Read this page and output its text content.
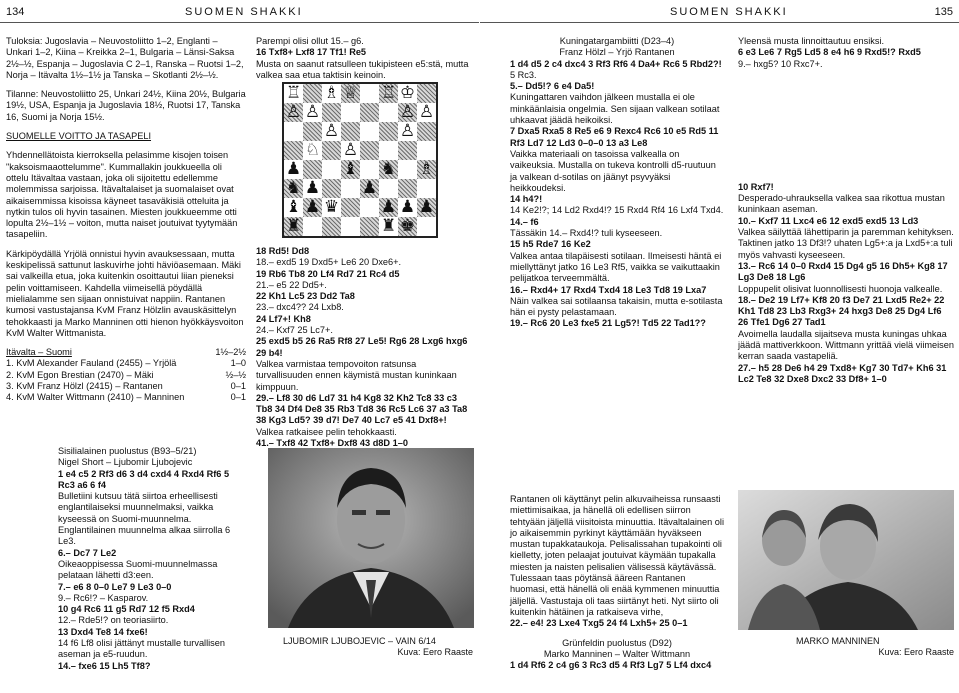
134	SUOMEN SHAKKI

Tuloksia: Jugoslavia – Neuvostoliitto 1–2, Englanti – Unkari 1–2, Kiina – Kreikka 2–1, Bulgaria – Länsi-Saksa 2½–½, Espanja – Jugoslavia C 2–1, Ranska – Ruotsi 1–2, Norja – Itävalta 1½–1½ ja Tanska – Skotlanti 2½–½.

Tilanne: Neuvostoliitto 25, Unkari 24½, Kiina 20½, Bulgaria 19½, USA, Espanja ja Jugoslavia 18½, Ruotsi 17, Tanska 16, Suomi ja Norja 15½.

SUOMELLE VOITTO JA TASAPELI

Yhdennellätoista kierroksella pelasimme kisojen toisen "kaksoismaaottelumme". Kummallakin joukkueella oli ottelu Itävaltaa vastaan, joka oli sijoitettu edellemme molemmissa sarjoissa. Itävaltalaiset ja suomalaiset ovat aikaisemmissa kisoissa käyneet tasaväkisiä otteluita ja nytkin tulos oli hyvin tasainen. Miesten joukkueemme otti lopulta 2½–1½ – voiton, mutta naiset joutuivat tyytymään tasapeliin.

Kärkipöydällä Yrjölä onnistui hyvin avauksessaan, mutta keskipelissä sattunut laskuvirhe johti häviöasemaan. Mäki sai valkeilla etua, joka kuitenkin osoittautui liian pieneksi pelin voittamiseen. Kahdella viimeisellä pöydällä mielialamme sen sijaan onnistuivat nappiin. Rantanen kumosi vastustajansa KvM Franz Hölzlin avauskäsittelyn tehokkaasti ja Marko Manninen otti hienon hyökkäysvoiton KvM Walter Wittmanista.

Itävalta – Suomi	1½–2½
1. KvM Alexander Fauland (2455) – Yrjölä	1–0
2. KvM Egon Brestian (2470) – Mäki	½–½
3. KvM Franz Hölzl (2415) – Rantanen	0–1
4. KvM Walter Wittmann (2410) – Manninen	0–1

Parempi olisi ollut 15.– g6.

16 Txf8+ Lxf8 17 Tf1! Re5

Musta on saanut ratsulleen tukipisteen e5:stä, mutta valkea saa etua taktisin keinoin.

♖ ♗ ♕ ♖ ♔
♙ ♙	♙ ♙
♙	♙
♘ ♙
♟ ♝ ♞ ♗
♞ ♟ ♟
♝ ♟ ♛ ♟ ♟ ♟
♜	♜ ♚

18 Rd5! Dd8

18.– exd5 19 Dxd5+ Le6 20 Dxe6+.

19 Rb6 Tb8 20 Lf4 Rd7 21 Rc4 d5

21.– e5 22 Dd5+.

22 Kh1 Lc5 23 Dd2 Ta8

23.– dxc4?? 24 Lxb8.

24 Lf7+! Kh8

24.– Kxf7 25 Lc7+.

25 exd5 b5 26 Ra5 Rf8 27 Le5! Rg6 28 Lxg6 hxg6 29 b4!

Valkea varmistaa tempovoiton ratsunsa turvallisuuden ennen käymistä mustan kuninkaan kimppuun.

29.– Lf8 30 d6 Ld7 31 h4 Kg8 32 Kh2 Tc8 33 c3 Tb8 34 Df4 De8 35 Rb3 Td8 36 Rc5 Lc6 37 a3 Ta8 38 Kg3 Ld5? 39 d7! De7 40 Lc7 e5 41 Dxf8+!

Valkea ratkaisee pelin tehokkaasti.

41.– Txf8 42 Txf8+ Dxf8 43 d8D 1–0

Sisilialainen puolustus (B93–5/21)

Nigel Short – Ljubomir Ljubojevic

1 e4 c5 2 Rf3 d6 3 d4 cxd4 4 Rxd4 Rf6 5 Rc3 a6 6 f4

Bulletiini kutsuu tätä siirtoa erheellisesti englantilaiseksi muunnelmaksi, vaikka kyseessä on Suomi-muunnelma. Englantilainen muunnelma alkaa siirrolla 6 Le3.

6.– Dc7 7 Le2

Oikeaoppisessa Suomi-muunnelmassa pelataan lähetti d3:een.

7.– e6 8 0–0 Le7 9 Le3 0–0

9.– Rc6!? – Kasparov.

10 g4 Rc6 11 g5 Rd7 12 f5 Rxd4

12.– Rde5!? on teoriasiirto.

13 Dxd4 Te8 14 fxe6!

14 f6 Lf8 olisi jättänyt mustalle turvallisen aseman ja e5-ruudun.

14.– fxe6 15 Lh5 Tf8?

LJUBOMIR LJUBOJEVIC – VAIN 6/14
Kuva: Eero Raaste
SUOMEN SHAKKI	135

Kuningatargambiitti (D23–4)

Franz Hölzl – Yrjö Rantanen

1 d4 d5 2 c4 dxc4 3 Rf3 Rf6 4 Da4+ Rc6 5 Rbd2?!

5 Rc3.

5.– Dd5!? 6 e4 Da5!

Kuningattaren vaihdon jälkeen mustalla ei ole minkäänlaisia ongelmia. Sen sijaan valkean sotilaat uhkaavat jäädä heikoiksi.

7 Dxa5 Rxa5 8 Re5 e6 9 Rexc4 Rc6 10 e5 Rd5 11 Rf3 Ld7 12 Ld3 0–0–0 13 a3 Le8

Vaikka materiaali on tasoissa valkealla on vaikeuksia. Mustalla on tukeva kontrolli d5-ruutuun ja valkean d-sotilas on jäänyt psyvyäksi heikkoudeksi.

14 h4?!

14 Ke2!?; 14 Ld2 Rxd4!? 15 Rxd4 Rf4 16 Lxf4 Txd4.

14.– f6

Tässäkin 14.– Rxd4!? tuli kyseeseen.

15 h5 Rde7 16 Ke2

Valkea antaa tilapäisesti sotilaan. Ilmeisesti häntä ei miellyttänyt jatko 16 Le3 Rf5, vaikka se vaikuttaakin pelijatkoa terveemmältä.

16.– Rxd4+ 17 Rxd4 Txd4 18 Le3 Td8 19 Lxa7

Näin valkea sai sotilaansa takaisin, mutta e-sotilasta hän ei pysty pelastamaan.

19.– Rc6 20 Le3 fxe5 21 Lg5?! Td5 22 Tad1??

Yleensä musta linnoittautuu ensiksi.

6 e3 Le6 7 Rg5 Ld5 8 e4 h6 9 Rxd5!? Rxd5

9.– hxg5? 10 Rxc7+.

10 Rxf7!

Desperado-uhrauksella valkea saa rikottua mustan kuninkaan aseman.

10.– Kxf7 11 Lxc4 e6 12 exd5 exd5 13 Ld3

Valkea säilyttää lähettiparin ja paremman kehityksen. Taktinen jatko 13 Df3!? uhaten Lg5+:a ja Lxd5+:a tuli myös vahvasti kyseeseen.

13.– Rc6 14 0–0 Rxd4 15 Dg4 g5 16 Dh5+ Kg8 17 Lg3 De8 18 Lg6

Loppupelit olisivat luonnollisesti huonoja valkealle.

18.– De2 19 Lf7+ Kf8 20 f3 De7 21 Lxd5 Re2+ 22 Kh1 Td8 23 Lb3 Rxg3+ 24 hxg3 De8 25 Dg4 Lf6 26 Tfe1 Dg6 27 Tad1

Avoimella laudalla sijaitseva musta kuningas uhkaa jäädä mattiverkkoon. Wittmann yrittää vielä viimeisen kerran saada vastapeliä.

27.– h5 28 De6 h4 29 Txd8+ Kg7 30 Td7+ Kh6 31 Lc2 Te8 32 Dxe8 Dxc2 33 Df8+ 1–0

Rantanen oli käyttänyt pelin alkuvaiheissa runsaasti miettimisaikaa, ja hänellä oli edellisen siirron tehtyään jäljellä viisitoista minuuttia. Itävaltalainen oli jo aikaisemmin pyrkinyt käyttämään hyväkseen mustan tupakkataukoja. Pelisalissahan tupakointi oli kielletty, joten pelaajat joutuivat käymään tupakalla miesten ja naisten pelisalien välisessä käytävässä. Tulessaan taas pöytänsä ääreen Rantanen huomasi, että hänellä oli enää kymmenen minuuttia jäljellä. Vastustaja oli taas siirtänyt heti. Nyt siirto oli kuitenkin hätäinen ja ratkaiseva virhe,

22.– e4! 23 Lxe4 Txg5 24 f4 Lxh5+ 25 0–1

Grünfeldin puolustus (D92)

Marko Manninen – Walter Wittmann

1 d4 Rf6 2 c4 g6 3 Rc3 d5 4 Rf3 Lg7 5 Lf4 dxc4

MARKO MANNINEN
Kuva: Eero Raaste
